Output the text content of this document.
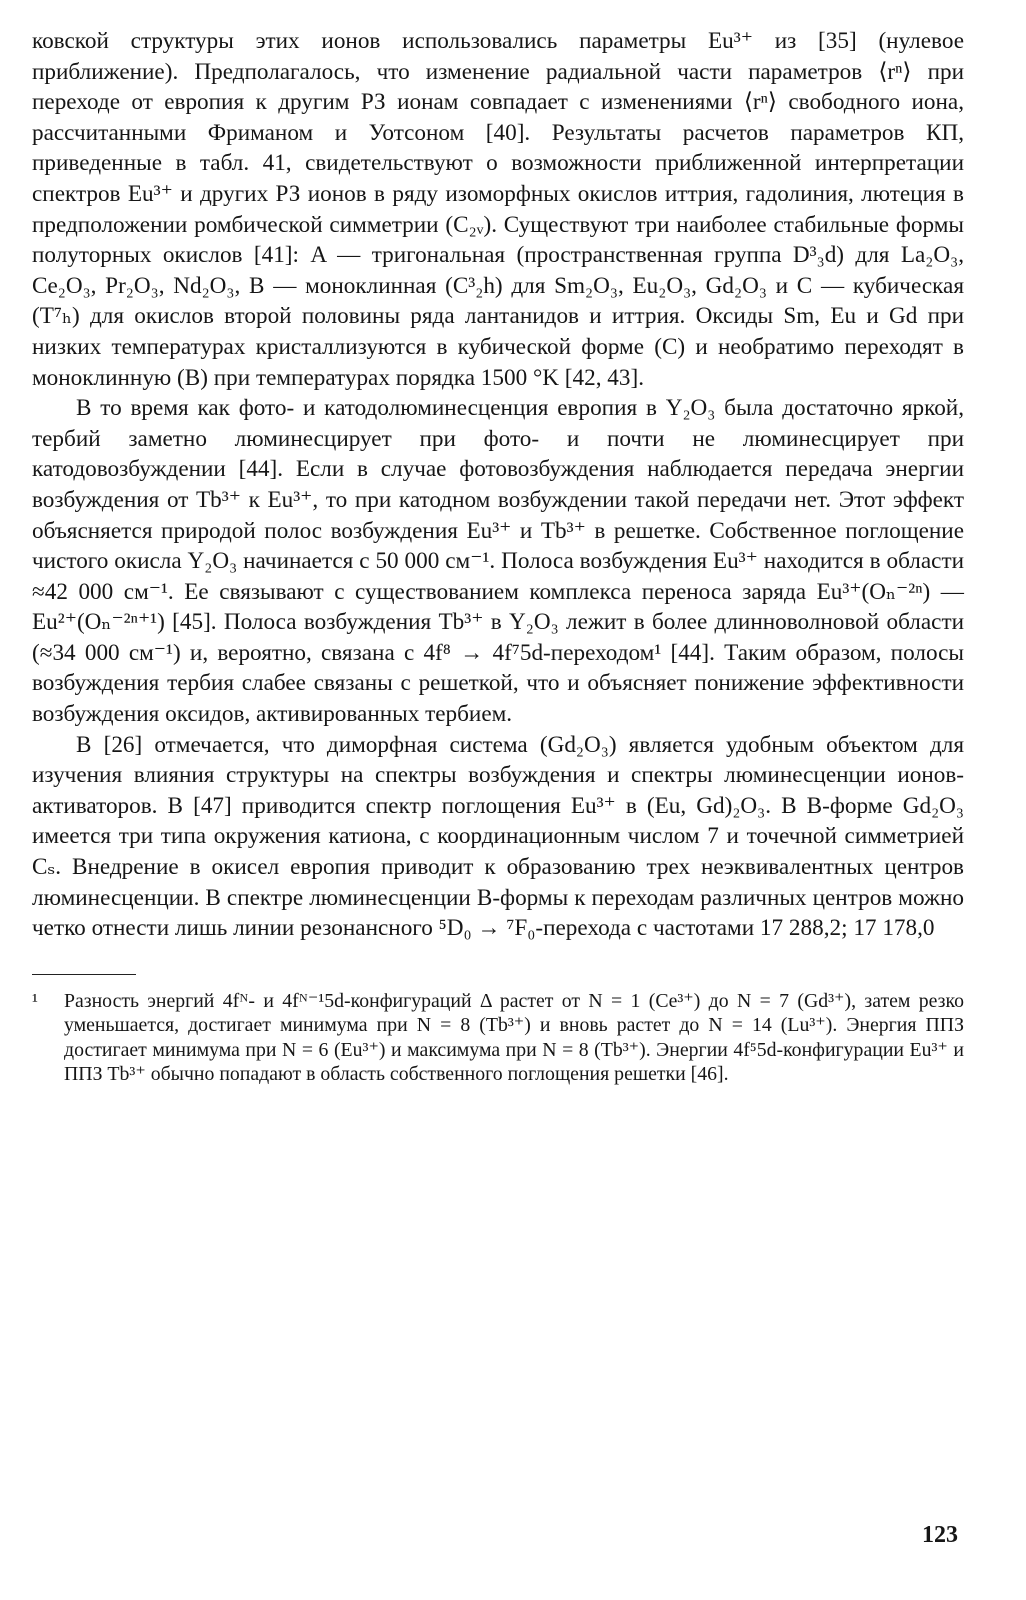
ковской структуры этих ионов использовались параметры Eu³⁺ из [35] (нулевое приближение). Предполагалось, что изменение радиальной части параметров ⟨rⁿ⟩ при переходе от европия к другим РЗ ионам совпадает с изменениями ⟨rⁿ⟩ свободного иона, рассчитанными Фриманом и Уотсоном [40]. Результаты расчетов параметров КП, приведенные в табл. 41, свидетельствуют о возможности приближенной интерпретации спектров Eu³⁺ и других РЗ ионов в ряду изоморфных окислов иттрия, гадолиния, лютеция в предположении ромбической симметрии (C₂ᵥ). Существуют три наиболее стабильные формы полуторных окислов [41]: A — тригональная (пространственная группа D³₃d) для La₂O₃, Ce₂O₃, Pr₂O₃, Nd₂O₃, B — моноклинная (C³₂h) для Sm₂O₃, Eu₂O₃, Gd₂O₃ и C — кубическая (T⁷ₕ) для окислов второй половины ряда лантанидов и иттрия. Оксиды Sm, Eu и Gd при низких температурах кристаллизуются в кубической форме (C) и необратимо переходят в моноклинную (B) при температурах порядка 1500 °K [42, 43].

В то время как фото- и катодолюминесценция европия в Y₂O₃ была достаточно яркой, тербий заметно люминесцирует при фото- и почти не люминесцирует при катодовозбуждении [44]. Если в случае фотовозбуждения наблюдается передача энергии возбуждения от Tb³⁺ к Eu³⁺, то при катодном возбуждении такой передачи нет. Этот эффект объясняется природой полос возбуждения Eu³⁺ и Tb³⁺ в решетке. Собственное поглощение чистого окисла Y₂O₃ начинается с 50 000 см⁻¹. Полоса возбуждения Eu³⁺ находится в области ≈42 000 см⁻¹. Ее связывают с существованием комплекса переноса заряда Eu³⁺(Oₙ⁻²ⁿ) — Eu²⁺(Oₙ⁻²ⁿ⁺¹) [45]. Полоса возбуждения Tb³⁺ в Y₂O₃ лежит в более длинноволновой области (≈34 000 см⁻¹) и, вероятно, связана с 4f⁸ → 4f⁷5d-переходом¹ [44]. Таким образом, полосы возбуждения тербия слабее связаны с решеткой, что и объясняет понижение эффективности возбуждения оксидов, активированных тербием.

В [26] отмечается, что диморфная система (Gd₂O₃) является удобным объектом для изучения влияния структуры на спектры возбуждения и спектры люминесценции ионов-активаторов. В [47] приводится спектр поглощения Eu³⁺ в (Eu, Gd)₂O₃. В B-форме Gd₂O₃ имеется три типа окружения катиона, с координационным числом 7 и точечной симметрией Cₛ. Внедрение в окисел европия приводит к образованию трех неэквивалентных центров люминесценции. В спектре люминесценции B-формы к переходам различных центров можно четко отнести лишь линии резонансного ⁵D₀ → ⁷F₀-перехода с частотами 17 288,2; 17 178,0

¹ Разность энергий 4fᴺ- и 4fᴺ⁻¹5d-конфигураций Δ растет от N = 1 (Ce³⁺) до N = 7 (Gd³⁺), затем резко уменьшается, достигает минимума при N = 8 (Tb³⁺) и вновь растет до N = 14 (Lu³⁺). Энергия ППЗ достигает минимума при N = 6 (Eu³⁺) и максимума при N = 8 (Tb³⁺). Энергии 4f⁵5d-конфигурации Eu³⁺ и ППЗ Tb³⁺ обычно попадают в область собственного поглощения решетки [46].

123
